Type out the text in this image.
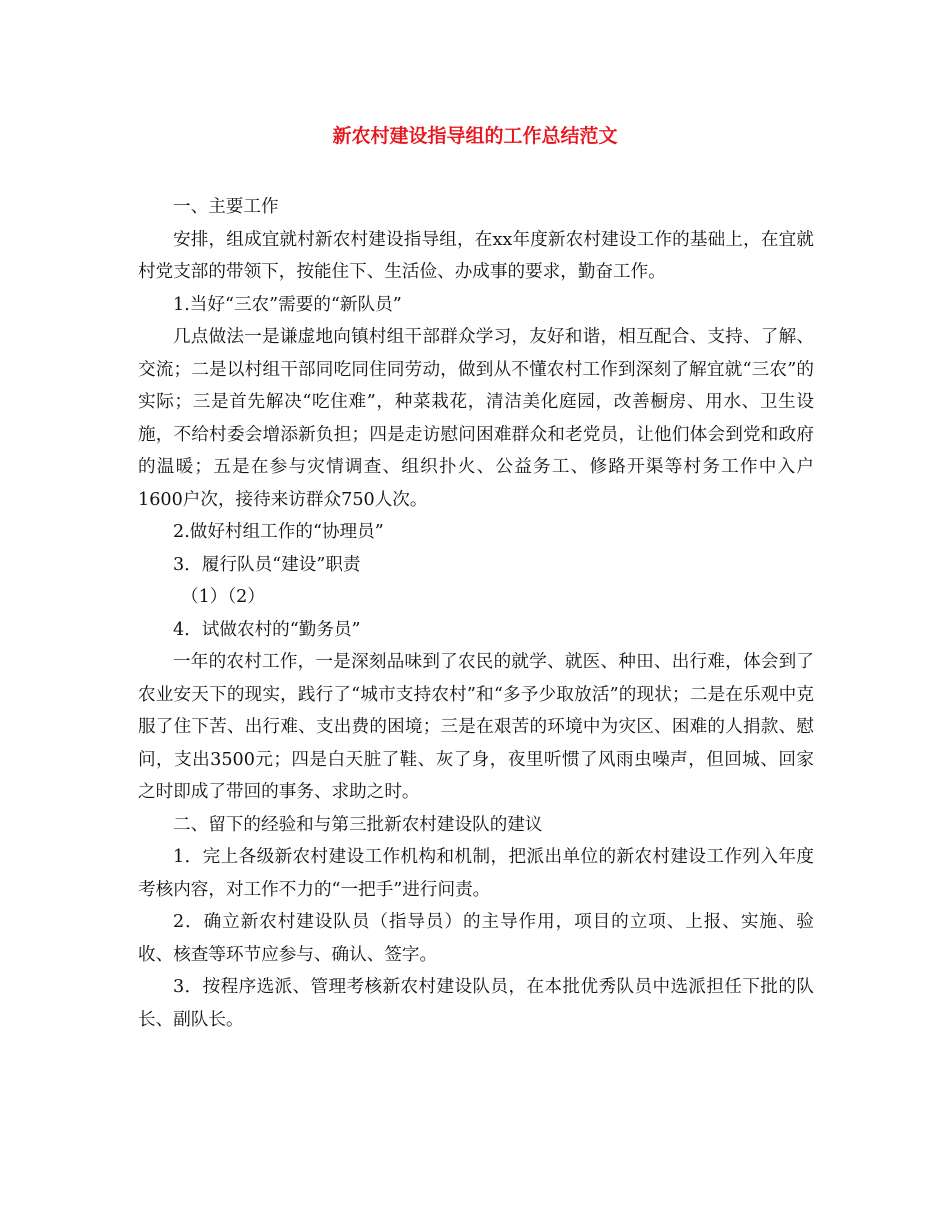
新农村建设指导组的工作总结范文

一、主要工作

安排，组成宜就村新农村建设指导组，在xx年度新农村建设工作的基础上，在宜就村党支部的带领下，按能住下、生活俭、办成事的要求，勤奋工作。

1.当好“三农”需要的“新队员”

几点做法一是谦虚地向镇村组干部群众学习，友好和谐，相互配合、支持、了解、交流；二是以村组干部同吃同住同劳动，做到从不懂农村工作到深刻了解宜就“三农”的实际；三是首先解决“吃住难”，种菜栽花，清洁美化庭园，改善橱房、用水、卫生设施，不给村委会增添新负担；四是走访慰问困难群众和老党员，让他们体会到党和政府的温暖；五是在参与灾情调查、组织扑火、公益务工、修路开渠等村务工作中入户1600户次，接待来访群众750人次。

2.做好村组工作的“协理员”

3．履行队员“建设”职责

（1）（2）

4．试做农村的“勤务员”

一年的农村工作，一是深刻品味到了农民的就学、就医、种田、出行难，体会到了农业安天下的现实，践行了“城市支持农村”和“多予少取放活”的现状；二是在乐观中克服了住下苦、出行难、支出费的困境；三是在艰苦的环境中为灾区、困难的人捐款、慰问，支出3500元；四是白天脏了鞋、灰了身，夜里听惯了风雨虫噪声，但回城、回家之时即成了带回的事务、求助之时。

二、留下的经验和与第三批新农村建设队的建议

1．完上各级新农村建设工作机构和机制，把派出单位的新农村建设工作列入年度考核内容，对工作不力的“一把手”进行问责。

2．确立新农村建设队员（指导员）的主导作用，项目的立项、上报、实施、验收、核查等环节应参与、确认、签字。

3．按程序选派、管理考核新农村建设队员，在本批优秀队员中选派担任下批的队长、副队长。
